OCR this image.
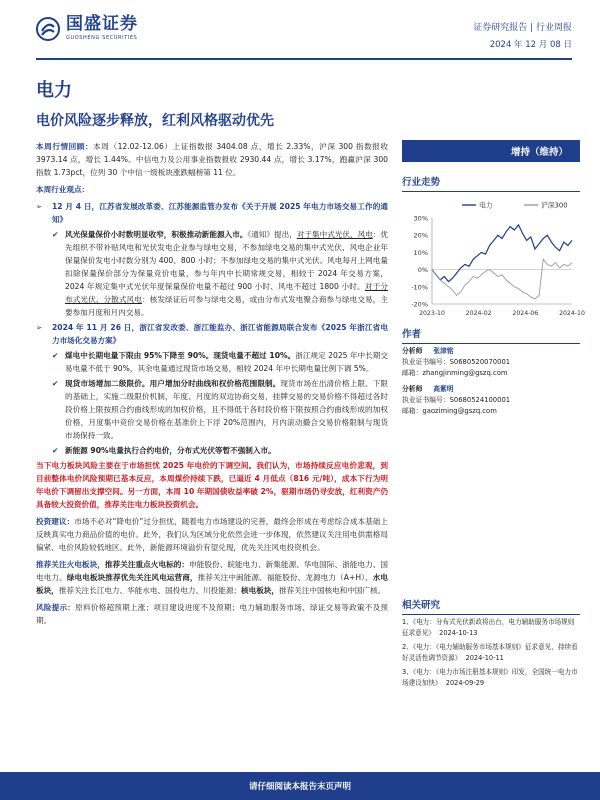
国盛证券
GUOSHENG SECURITIES
证券研究报告 | 行业周报
2024 年 12 月 08 日
电力
电价风险逐步释放，红利风格驱动优先

本周行情回顾：本周（12.02-12.06）上证指数报 3404.08 点，增长 2.33%，沪深 300 指数报收 3973.14 点，增长 1.44%。中信电力及公用事业指数报收 2930.44 点，增长 3.17%，跑赢沪深 300 指数 1.73pct，位列 30 个中信一级板块涨跌幅榜第 11 位。

本周行业观点：
➢	12 月 4 日，江苏省发展改革委、江苏能源监管办发布《关于开展 2025 年电力市场交易工作的通知》

✔ 风光保量保价小时数明显收窄，积极推动新能源入市。《通知》提出，对于集中式光伏、风电：优先组织不带补贴风电和光伏发电企业参与绿电交易，不参加绿电交易的集中式光伏、风电企业年保量保价发电小时数分别为 400、800 小时；不参加绿电交易的集中式光伏、风电每月上网电量扣除保量保价部分为保量竞价电量，参与年内中长期常规交易，相较于 2024 年交易方案，2024 年规定集中式光伏年度保量保价电量不超过 900 小时、风电不超过 1800 小时。对于分布式光伏、分散式风电：核发绿证后可参与绿电交易，或由分布式发电聚合商参与绿电交易，主要参加月度和月内交易。

➢	2024 年 11 月 26 日，浙江省发改委、浙江能监办、浙江省能源局联合发布《2025 年浙江省电力市场化交易方案》

✔ 煤电中长期电量下限由 95%下降至 90%。现货电量不超过 10%。浙江规定 2025 年中长期交易电量不低于 90%，其余电量通过现货市场交易，相较 2024 年中长期电量比例下调 5%。

✔ 现货市场增加二级限价。用户增加分时曲线和权价格范围限制。现货市场在出清价格上限、下限的基础上，实施二级限价机制，年度、月度的双边协商交易，挂牌交易的交易价格不得超过各时段价格上限按照合约曲线形成的加权价格，且不得低于各时段价格下限按照合约曲线形成的加权价格，月度集中竞价交易价格在基准价上下浮 20%范围内，月内滚动撮合交易价格限制与现货市场保持一致。

✔ 新能源 90%电量执行合约电价，分布式光伏等暂不强制入市。

当下电力板块风险主要在于市场担忧 2025 年电价的下调空间。我们认为，市场持续反应电价悲观，到目前整体电价风险预期已基本反应，本周煤价持续下跌，已逼近 4 月低点（816 元/吨），成本下行为明年电价下调留出支撑空间。另一方面，本周 10 年期国债收益率破 2%，驱期市场仍寻安放，红利资产仍具备较大投资价值，推荐关注电力板块投资机会。

投资建议：市场不必对“降电价”过分担忧，随着电力市场建设的完善，最终会形成在考虑综合成本基础上反映真实电力商品价值的电价。此外，我们认为区域分化依然会进一步体现，依然建议关注用电供需格局偏紧、电价风险较低地区。此外，新能源环境溢价有望兑现，优先关注风电投资机会。

推荐关注火电板块，推荐关注重点火电标的：申能股份、皖能电力、新集能源、华电国际、浙能电力、国电电力。绿电电板块推荐优先关注风电运营商，推荐关注中闽能源、福能股份、龙源电力（A+H）、水电板块，推荐关注长江电力、华能水电、国投电力、川投能源；核电板块，推荐关注中国核电和中国广核。

风险提示：原料价格超预期上涨；项目建设进度不及预期；电力辅助服务市场、绿证交易等政策不及预期。

增持（维持）
行业走势
-20%
-10%
0%
10%
20%
30%
2023-10	2024-02	2024-06	2024-10
电力	沪深300
作者
分析师 张津铭
执业证书编号：S0680520070001
邮箱：zhangjinming@gszq.com
分析师 高紫明
执业证书编号：S0680524100001
邮箱：gaoziming@gszq.com
相关研究
1、《电力：分布式光伏新政将出台，电力辅助服务市场规则征求意见》 2024-10-13
2、《电力：《电力辅助服务市场基本规则》征求意见，持续看好灵活性调节资源》 2024-10-11
3、《电力：《电力市场注册基本规则》印发，全国统一电力市场建设加快》 2024-09-29
请仔细阅读本报告末页声明
